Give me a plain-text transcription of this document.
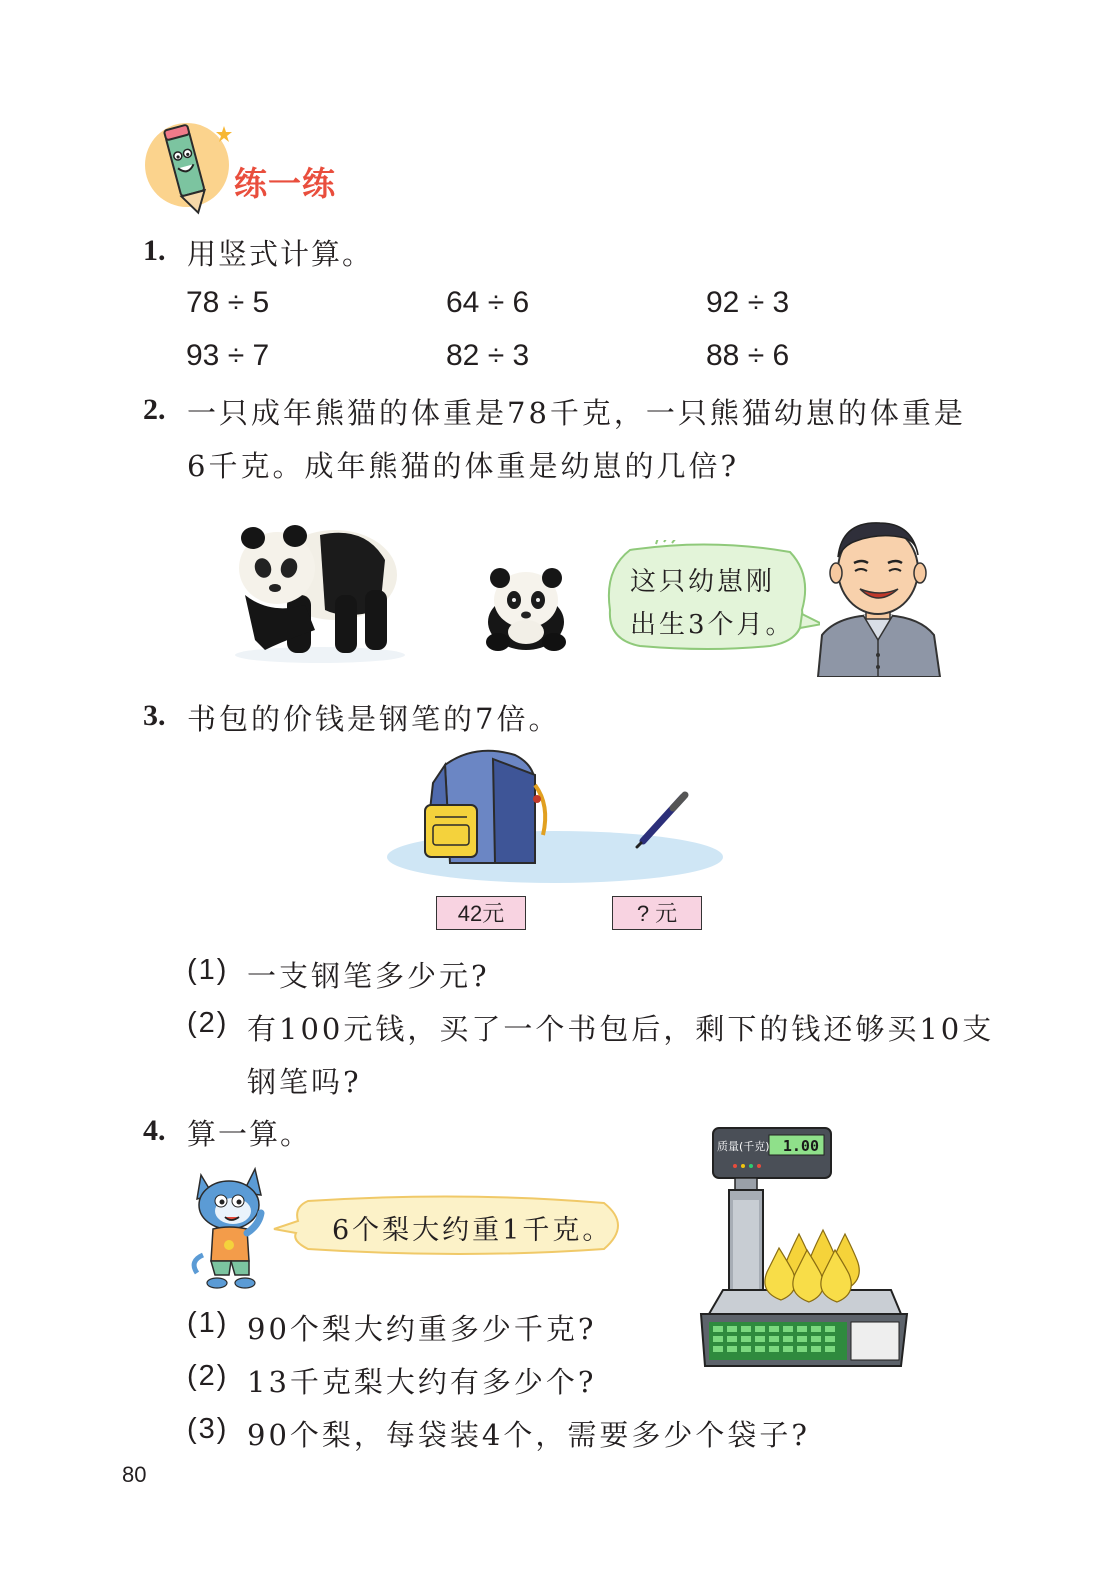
练一练
1. 用竖式计算。
78 ÷ 5	64 ÷ 6	92 ÷ 3
93 ÷ 7	82 ÷ 3	88 ÷ 6
2. 一只成年熊猫的体重是78千克，一只熊猫幼崽的体重是
6千克。成年熊猫的体重是幼崽的几倍?
这只幼崽刚
出生3个月。
3. 书包的价钱是钢笔的7倍。
42元	? 元
(1) 一支钢笔多少元?
(2) 有100元钱，买了一个书包后，剩下的钱还够买10支
钢笔吗?
4. 算一算。
6个梨大约重1千克。
1.00
质量(千克)
(1) 90个梨大约重多少千克?
(2) 13千克梨大约有多少个?
(3) 90个梨，每袋装4个，需要多少个袋子?
80
